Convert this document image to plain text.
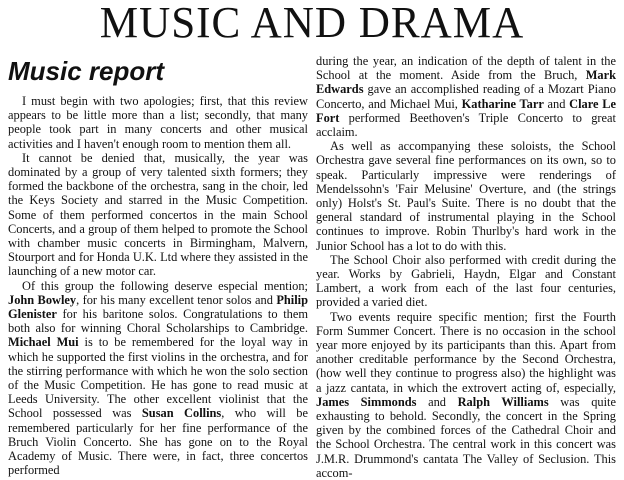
MUSIC AND DRAMA
Music report

I must begin with two apologies; first, that this review appears to be little more than a list; secondly, that many people took part in many concerts and other musical activities and I haven't enough room to mention them all.

It cannot be denied that, musically, the year was dominated by a group of very talented sixth formers; they formed the backbone of the orchestra, sang in the choir, led the Keys Society and starred in the Music Competition. Some of them performed concertos in the main School Concerts, and a group of them helped to promote the School with chamber music concerts in Birmingham, Malvern, Stourport and for Honda U.K. Ltd where they assisted in the launching of a new motor car.

Of this group the following deserve especial mention; John Bowley, for his many excellent tenor solos and Philip Glenister for his baritone solos. Congratulations to them both also for winning Choral Scholarships to Cambridge. Michael Mui is to be remembered for the loyal way in which he supported the first violins in the orchestra, and for the stirring performance with which he won the solo section of the Music Competition. He has gone to read music at Leeds University. The other excellent violinist that the School possessed was Susan Collins, who will be remembered particularly for her fine performance of the Bruch Violin Concerto. She has gone on to the Royal Academy of Music. There were, in fact, three concertos performed

during the year, an indication of the depth of talent in the School at the moment. Aside from the Bruch, Mark Edwards gave an accomplished reading of a Mozart Piano Concerto, and Michael Mui, Katharine Tarr and Clare Le Fort performed Beethoven's Triple Concerto to great acclaim.

As well as accompanying these soloists, the School Orchestra gave several fine performances on its own, so to speak. Particularly impressive were renderings of Mendelssohn's 'Fair Melusine' Overture, and (the strings only) Holst's St. Paul's Suite. There is no doubt that the general standard of instrumental playing in the School continues to improve. Robin Thurlby's hard work in the Junior School has a lot to do with this.

The School Choir also performed with credit during the year. Works by Gabrieli, Haydn, Elgar and Constant Lambert, a work from each of the last four centuries, provided a varied diet.

Two events require specific mention; first the Fourth Form Summer Concert. There is no occasion in the school year more enjoyed by its participants than this. Apart from another creditable performance by the Second Orchestra, (how well they continue to progress also) the highlight was a jazz cantata, in which the extrovert acting of, especially, James Simmonds and Ralph Williams was quite exhausting to behold. Secondly, the concert in the Spring given by the combined forces of the Cathedral Choir and the School Orchestra. The central work in this concert was J.M.R. Drummond's cantata The Valley of Seclusion. This accom-
